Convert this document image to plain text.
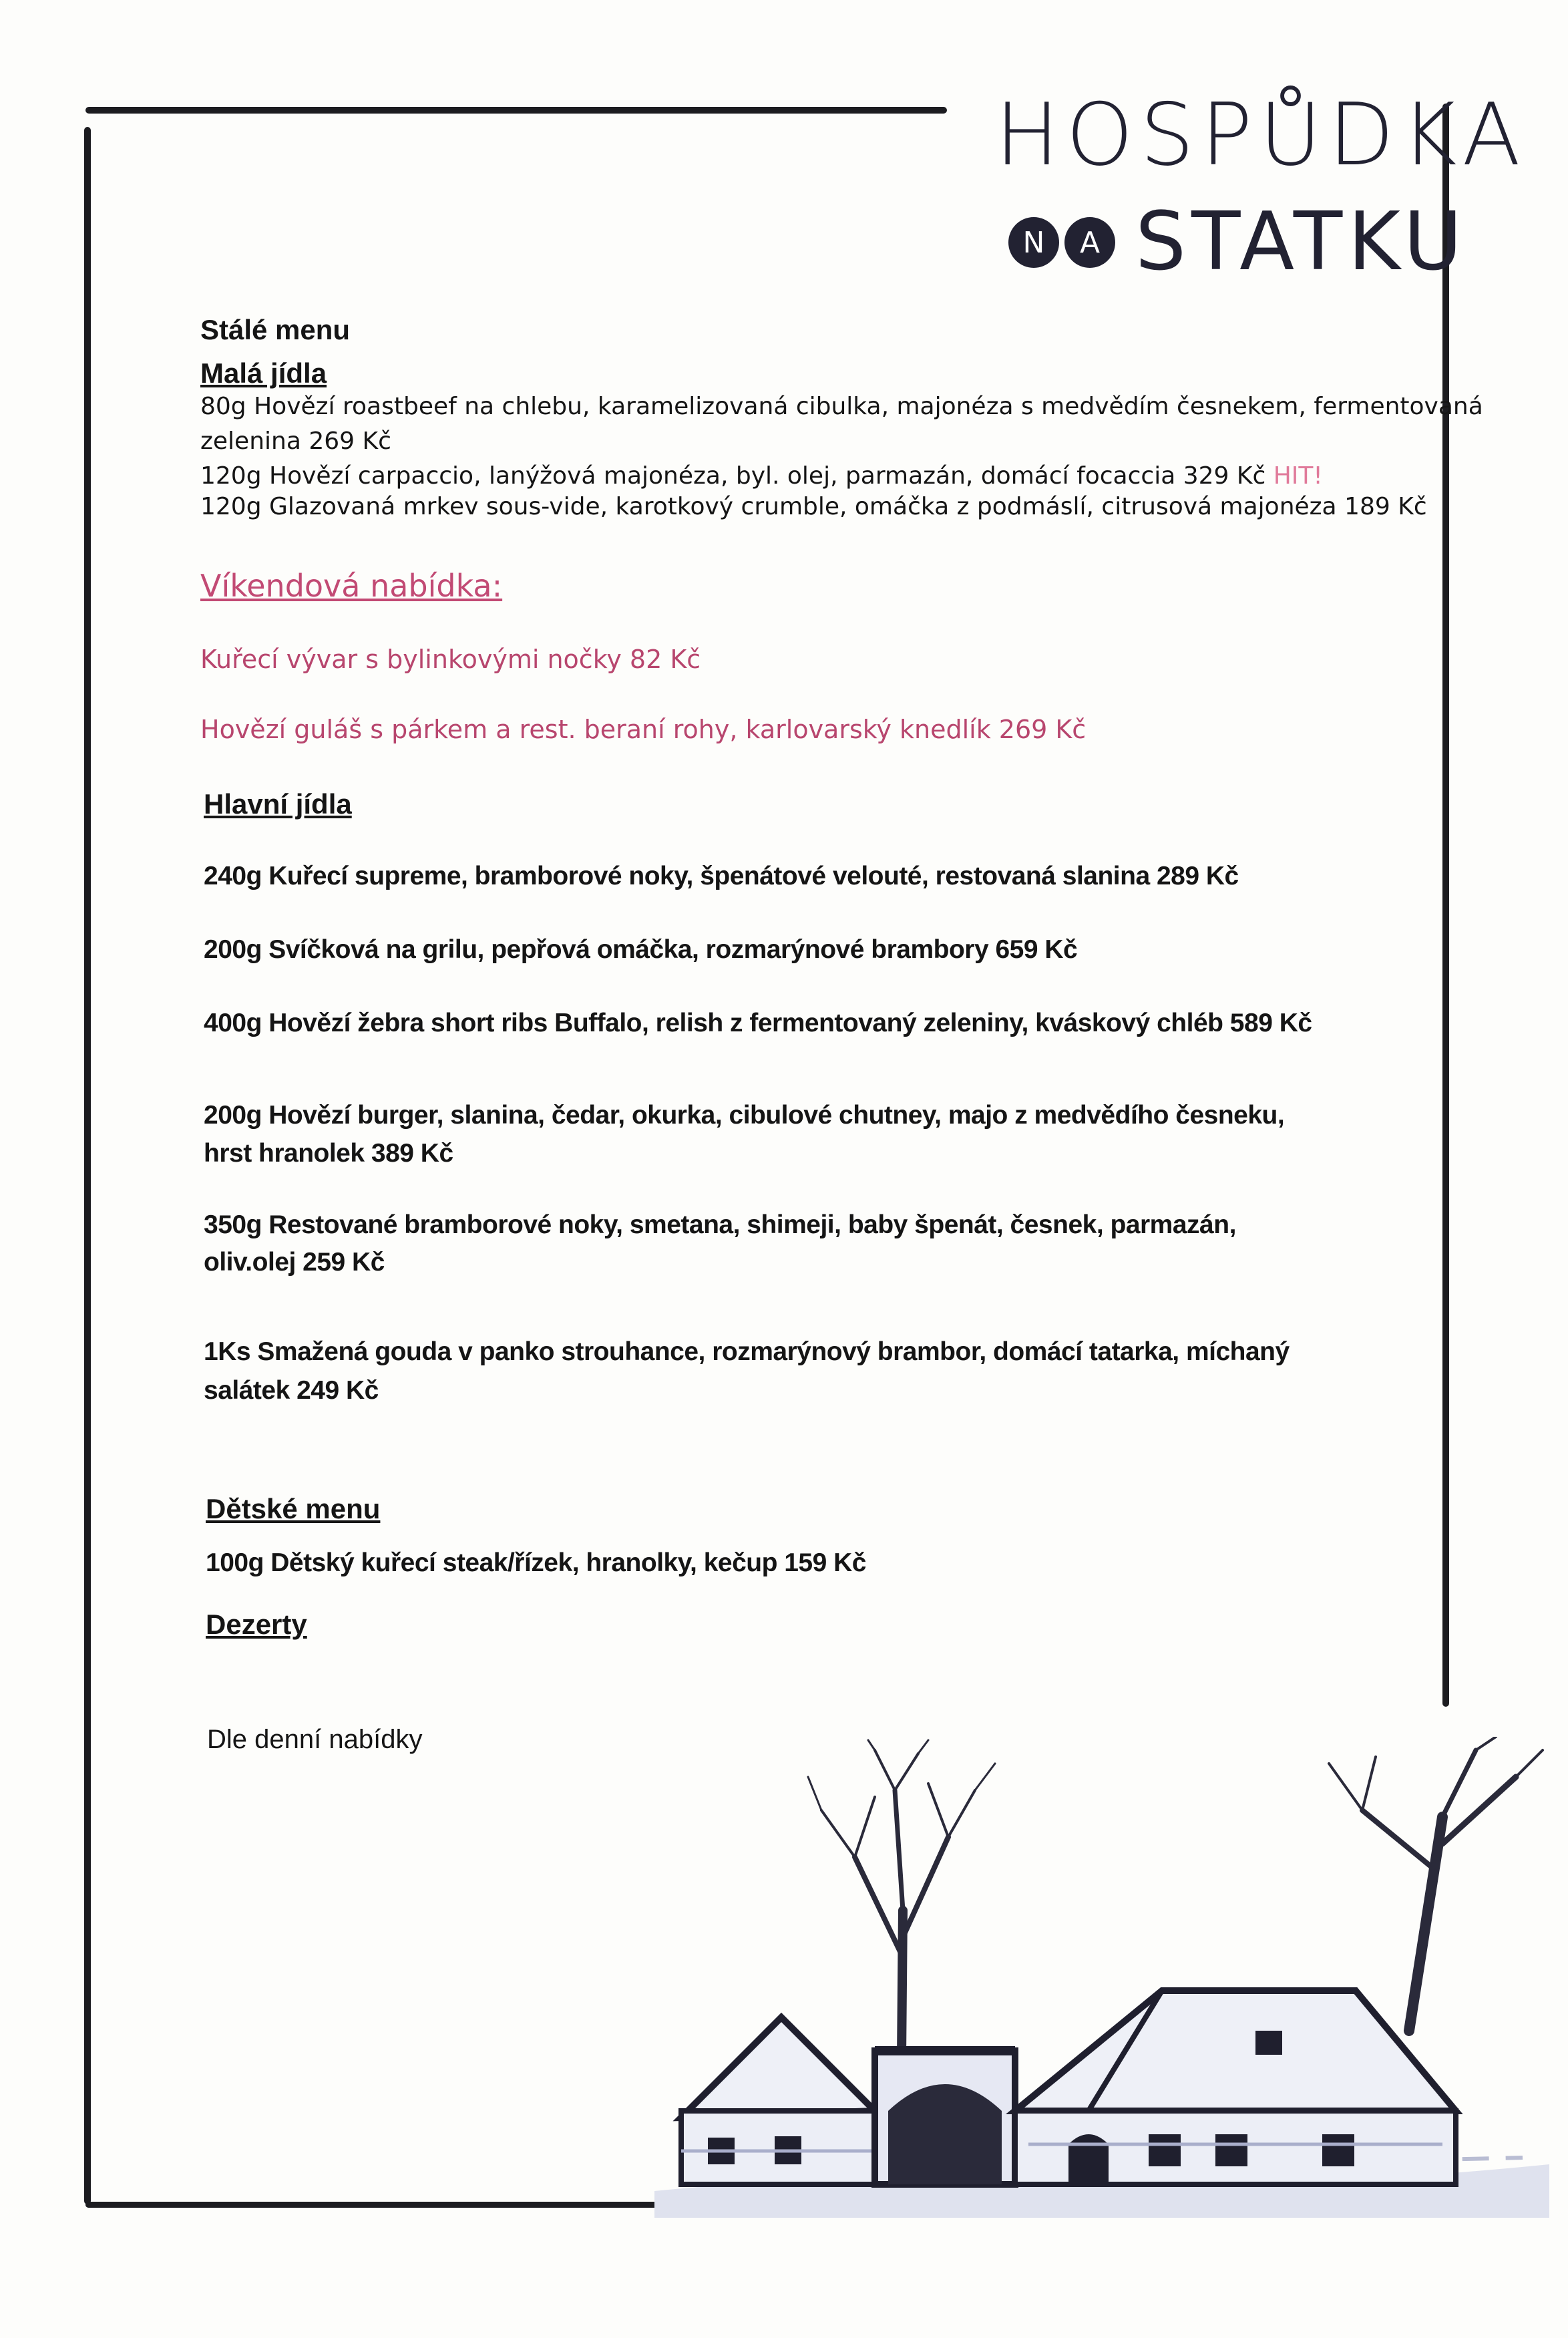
HOSPŮDKA
N A STATKU
Stálé menu
Malá jídla
80g Hovězí roastbeef na chlebu, karamelizovaná cibulka, majonéza s medvědím česnekem, fermentovaná
zelenina 269 Kč
120g Hovězí carpaccio, lanýžová majonéza, byl. olej, parmazán, domácí focaccia 329 Kč HIT!
120g Glazovaná mrkev sous-vide, karotkový crumble, omáčka z podmáslí, citrusová majonéza 189 Kč
Víkendová nabídka:
Kuřecí vývar s bylinkovými nočky 82 Kč
Hovězí guláš s párkem a rest. beraní rohy, karlovarský knedlík 269 Kč
Hlavní jídla
240g Kuřecí supreme, bramborové noky, špenátové velouté, restovaná slanina 289 Kč
200g Svíčková na grilu, pepřová omáčka, rozmarýnové brambory 659 Kč
400g Hovězí žebra short ribs Buffalo, relish z fermentovaný zeleniny, kváskový chléb 589 Kč
200g Hovězí burger, slanina, čedar, okurka, cibulové chutney, majo z medvědího česneku,
hrst hranolek 389 Kč
350g Restované bramborové noky, smetana, shimeji, baby špenát, česnek, parmazán,
oliv.olej 259 Kč
1Ks Smažená gouda v panko strouhance, rozmarýnový brambor, domácí tatarka, míchaný
salátek 249 Kč
Dětské menu
100g Dětský kuřecí steak/řízek, hranolky, kečup 159 Kč
Dezerty
Dle denní nabídky
